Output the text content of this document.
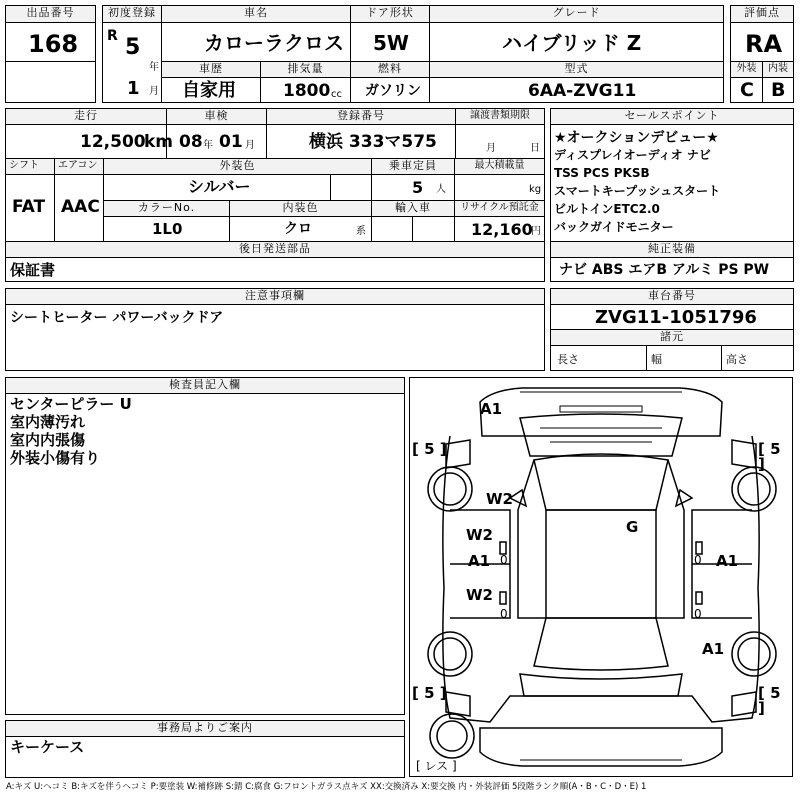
出品番号
168
初度登録
R 5
年
1 月
車名
カローラクロス
ドア形状
5W
グレード
ハイブリッド Z
評価点
RA
車歴
自家用
排気量
1800 cc
燃料
ガソリン
型式
6AA-ZVG11
外装	内装
C B
走行
12,500
km
車検
08 年 01 月
登録番号
横浜 333マ575
譲渡書類期限
月	日
シフト
FAT
エアコン
AAC
外装色
シルバー
乗車定員
5 人
最大積載量
kg
カラーNo.
1L0
内装色
クロ	系
輸入車	リサイクル預託金
12,160
円
セールスポイント
★オークションデビュー★
ディスプレイオーディオ ナビ
TSS PCS PKSB
スマートキープッシュスタート
ビルトインETC2.0
バックガイドモニター
後日発送部品
保証書
純正装備
ナビ ABS エアB アルミ PS PW
注意事項欄
シートヒーター パワーバックドア
車台番号
ZVG11-1051796
諸元
長さ	幅	高さ
検査員記入欄
センターピラー U
室内薄汚れ
室内内張傷
外装小傷有り
事務局よりご案内
キーケース
A1
W2
G
W2
A1	A1
W2
A1
0	0
0	0
[ 5 ]	[ 5 ]
[ 5 ]	[ 5 ]
[ レス ]
A:キズ U:ヘコミ B:キズを伴うヘコミ P:要塗装 W:補修跡 S:錆 C:腐食 G:フロントガラス点キズ XX:交換済み X:要交換 内・外装評価 5段階ランク順(A・B・C・D・E) 1
